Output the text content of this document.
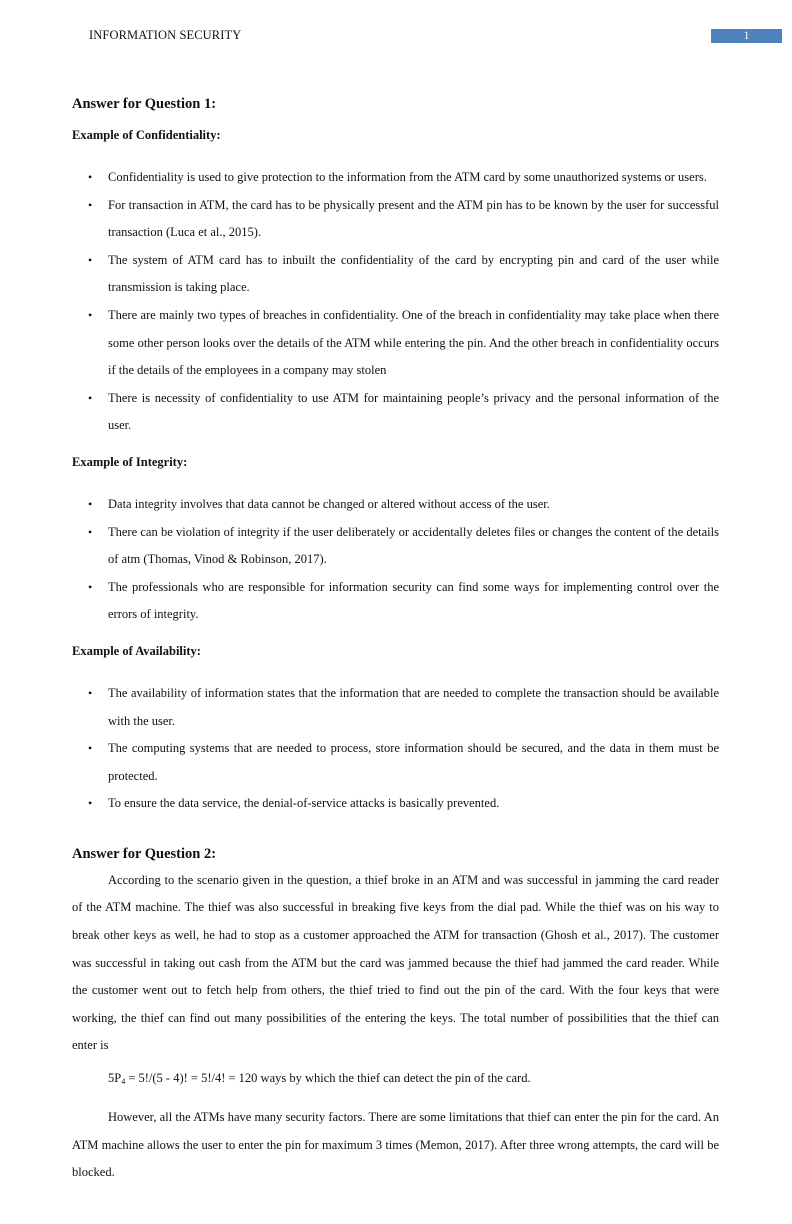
INFORMATION SECURITY	1
Answer for Question 1:
Example of Confidentiality:
• Confidentiality is used to give protection to the information from the ATM card by some unauthorized systems or users.
• For transaction in ATM, the card has to be physically present and the ATM pin has to be known by the user for successful transaction (Luca et al., 2015).
• The system of ATM card has to inbuilt the confidentiality of the card by encrypting pin and card of the user while transmission is taking place.
• There are mainly two types of breaches in confidentiality. One of the breach in confidentiality may take place when there some other person looks over the details of the ATM while entering the pin. And the other breach in confidentiality occurs if the details of the employees in a company may stolen
• There is necessity of confidentiality to use ATM for maintaining people’s privacy and the personal information of the user.
Example of Integrity:
• Data integrity involves that data cannot be changed or altered without access of the user.
• There can be violation of integrity if the user deliberately or accidentally deletes files or changes the content of the details of atm (Thomas, Vinod & Robinson, 2017).
• The professionals who are responsible for information security can find some ways for implementing control over the errors of integrity.
Example of Availability:
• The availability of information states that the information that are needed to complete the transaction should be available with the user.
• The computing systems that are needed to process, store information should be secured, and the data in them must be protected.
• To ensure the data service, the denial-of-service attacks is basically prevented.
Answer for Question 2:

According to the scenario given in the question, a thief broke in an ATM and was successful in jamming the card reader of the ATM machine. The thief was also successful in breaking five keys from the dial pad. While the thief was on his way to break other keys as well, he had to stop as a customer approached the ATM for transaction (Ghosh et al., 2017). The customer was successful in taking out cash from the ATM but the card was jammed because the thief had jammed the card reader. While the customer went out to fetch help from others, the thief tried to find out the pin of the card. With the four keys that were working, the thief can find out many possibilities of the entering the keys. The total number of possibilities that the thief can enter is

$5P_4 = 5!/(5 - 4)$! = 5!/4! = 120 ways by which the thief can detect the pin of the card.

However, all the ATMs have many security factors. There are some limitations that thief can enter the pin for the card. An ATM machine allows the user to enter the pin for maximum 3 times (Memon, 2017). After three wrong attempts, the card will be blocked.
